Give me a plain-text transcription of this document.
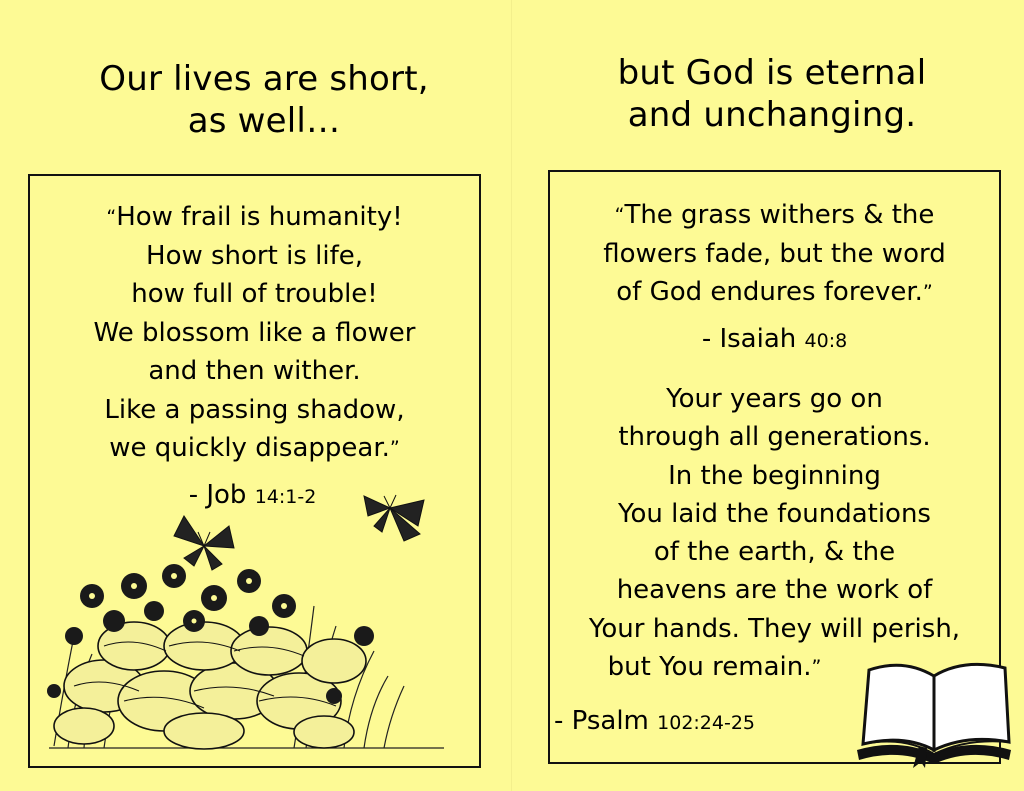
Our lives are short,
as well…
“How frail is humanity!
How short is life,
how full of trouble!
We blossom like a flower
and then wither.
Like a passing shadow,
we quickly disappear.”
- Job 14:1-2
but God is eternal
and unchanging.
“The grass withers & the
flowers fade, but the word
of God endures forever.”
- Isaiah 40:8
Your years go on
through all generations.
In the beginning
You laid the foundations
of the earth, & the
heavens are the work of
Your hands. They will perish,
but You remain.”
- Psalm 102:24-25
